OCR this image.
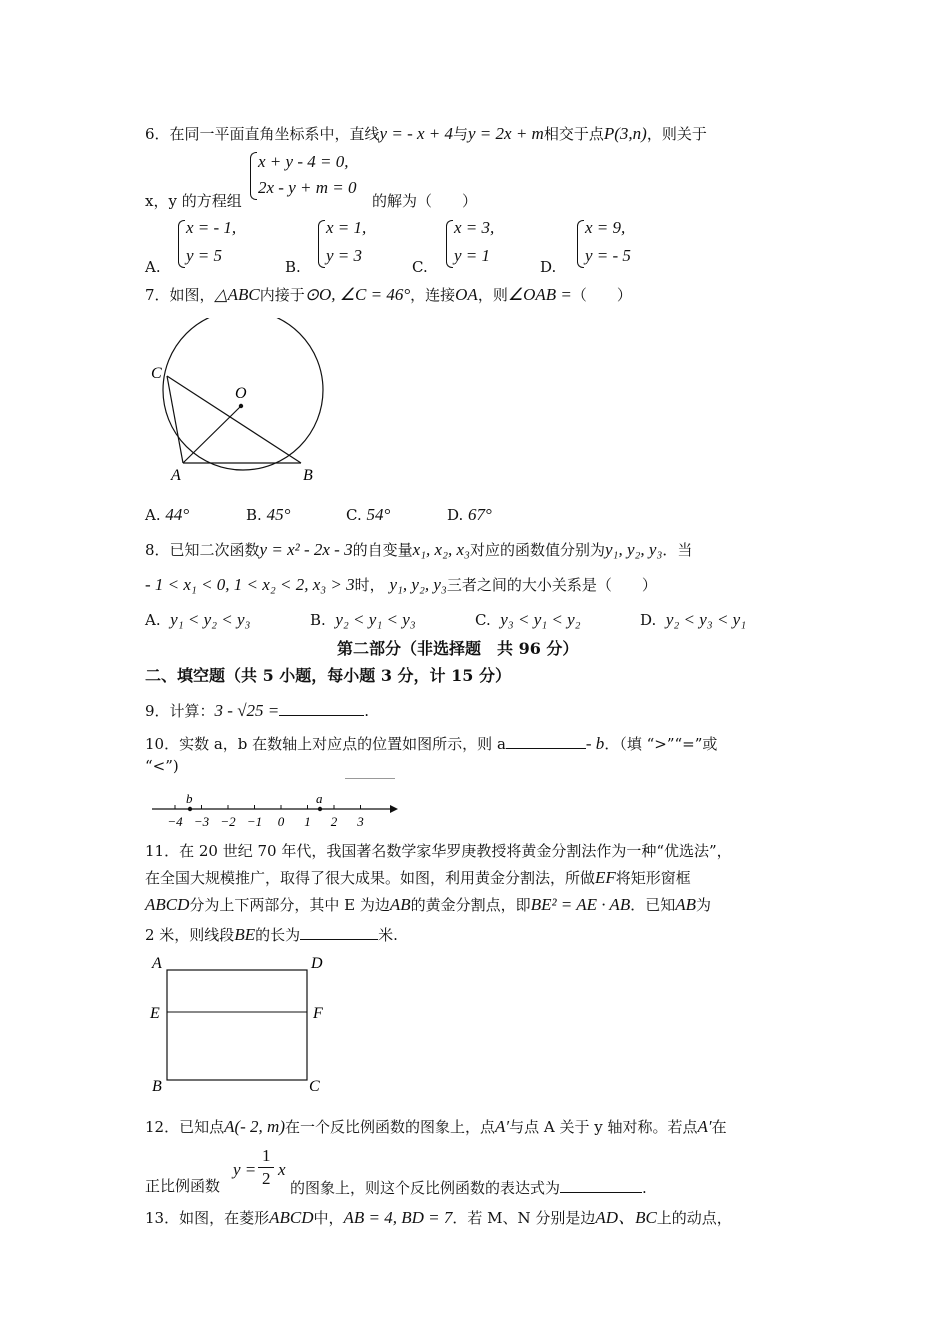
6．在同一平面直角坐标系中，直线y = - x + 4与y = 2x + m相交于点P(3,n)，则关于
x + y - 4 = 0,
2x - y + m = 0
x，y 的方程组	的解为（　　）
A.
x = - 1,
y = 5
B.
x = 1,
y = 3
C.
x = 3,
y = 1
D.
x = 9,
y = - 5
7．如图，△ABC内接于⊙O, ∠C = 46°，连接OA，则∠OAB =（　　）
C
O
A	B
A. 44°	B. 45°	C. 54°	D. 67°
8．已知二次函数y = x² - 2x - 3的自变量x₁, x₂, x₃对应的函数值分别为y₁, y₂, y₃．当
- 1 < x₁ < 0, 1 < x₂ < 2, x₃ > 3时， y₁, y₂, y₃三者之间的大小关系是（　　）
A. y₁ < y₂ < y₃	B. y₂ < y₁ < y₃	C. y₃ < y₁ < y₂	D. y₂ < y₃ < y₁
第二部分（非选择题　共 96 分）
二、填空题（共 5 小题，每小题 3 分，计 15 分）
9．计算：3 - √25 =	.
10．实数 a，b 在数轴上对应点的位置如图所示，则 a	- b．（填 “>”“=”或
“<”)
−4 −3 −2 −1 0 1 2 3
b	a
11．在 20 世纪 70 年代，我国著名数学家华罗庚教授将黄金分割法作为一种“优选法”，
在全国大规模推广，取得了很大成果。如图，利用黄金分割法，所做EF将矩形窗框
ABCD分为上下两部分，其中 E 为边AB的黄金分割点，即BE² = AE · AB．已知AB为
2 米，则线段BE的长为	米.
A	D
E	F
B	C
12．已知点A(- 2, m)在一个反比例函数的图象上，点A′与点 A 关于 y 轴对称。若点A′在
正比例函数
y =
1
2 x
的图象上，则这个反比例函数的表达式为	.
13．如图，在菱形ABCD中，AB = 4, BD = 7．若 M、N 分别是边AD、BC上的动点，
